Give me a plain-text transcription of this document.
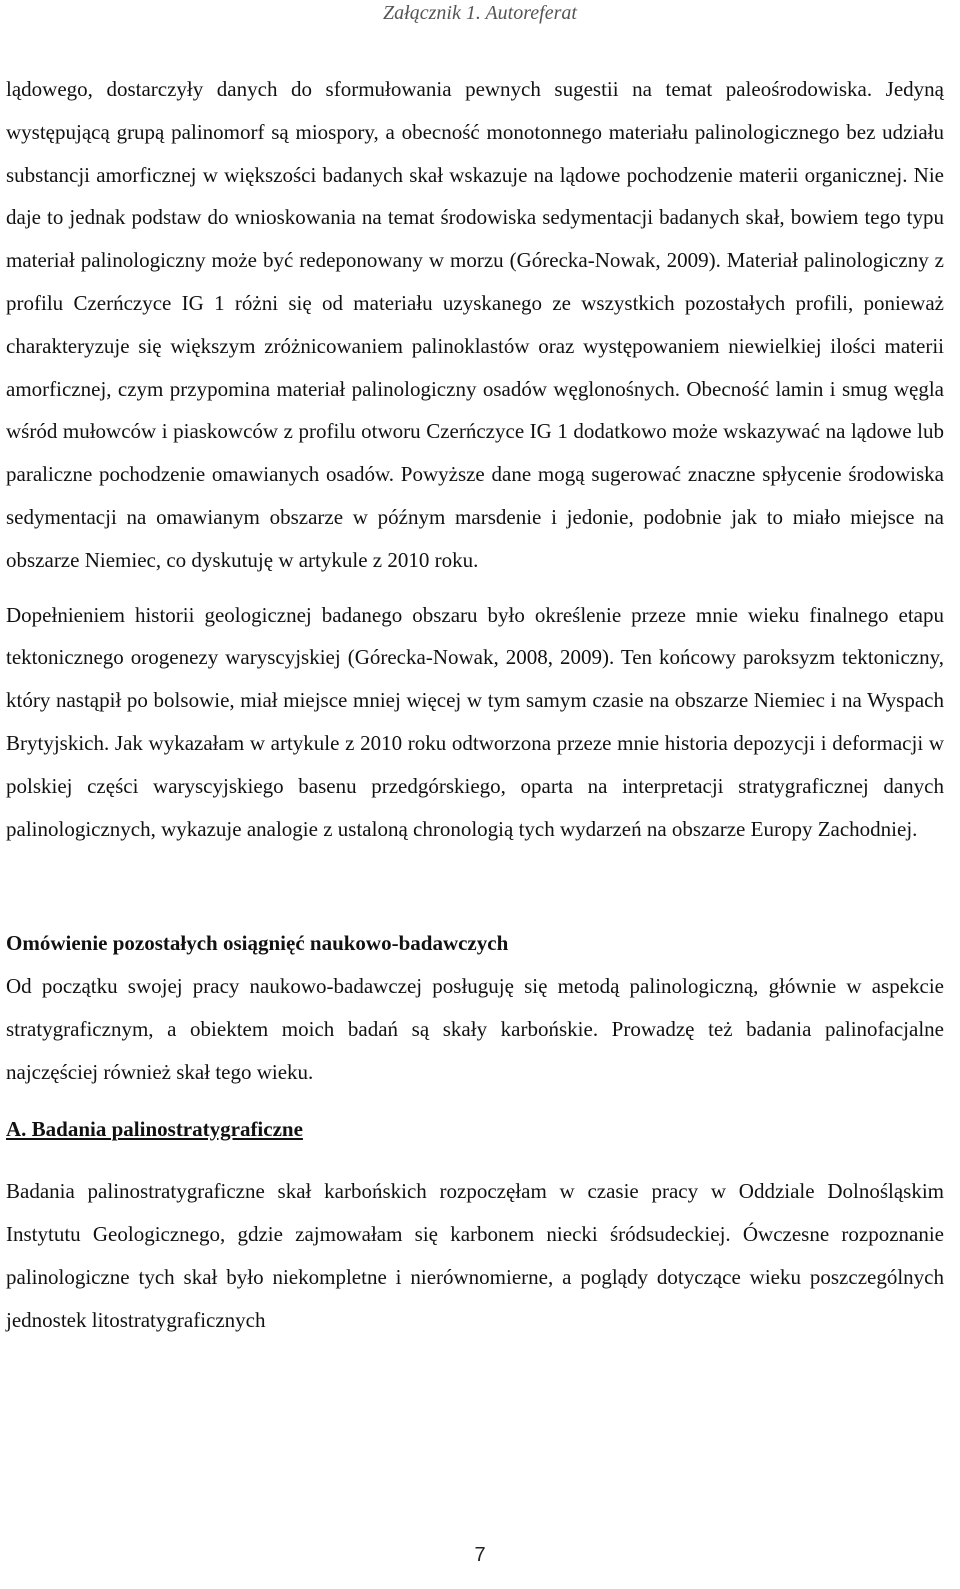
Załącznik 1. Autoreferat

lądowego, dostarczyły danych do sformułowania pewnych sugestii na temat paleośrodowiska. Jedyną występującą grupą palinomorf są miospory, a obecność monotonnego materiału palinologicznego bez udziału substancji amorficznej w większości badanych skał wskazuje na lądowe pochodzenie materii organicznej. Nie daje to jednak podstaw do wnioskowania na temat środowiska sedymentacji badanych skał, bowiem tego typu materiał palinologiczny może być redeponowany w morzu (Górecka-Nowak, 2009). Materiał palinologiczny z profilu Czerńczyce IG 1 różni się od materiału uzyskanego ze wszystkich pozostałych profili, ponieważ charakteryzuje się większym zróżnicowaniem palinoklastów oraz występowaniem niewielkiej ilości materii amorficznej, czym przypomina materiał palinologiczny osadów węglonośnych. Obecność lamin i smug węgla wśród mułowców i piaskowców z profilu otworu Czerńczyce IG 1 dodatkowo może wskazywać na lądowe lub paraliczne pochodzenie omawianych osadów. Powyższe dane mogą sugerować znaczne spłycenie środowiska sedymentacji na omawianym obszarze w późnym marsdenie i jedonie, podobnie jak to miało miejsce na obszarze Niemiec, co dyskutuję w artykule z 2010 roku.

Dopełnieniem historii geologicznej badanego obszaru było określenie przeze mnie wieku finalnego etapu tektonicznego orogenezy waryscyjskiej (Górecka-Nowak, 2008, 2009). Ten końcowy paroksyzm tektoniczny, który nastąpił po bolsowie, miał miejsce mniej więcej w tym samym czasie na obszarze Niemiec i na Wyspach Brytyjskich. Jak wykazałam w artykule z 2010 roku odtworzona przeze mnie historia depozycji i deformacji w polskiej części waryscyjskiego basenu przedgórskiego, oparta na interpretacji stratygraficznej danych palinologicznych, wykazuje analogie z ustaloną chronologią tych wydarzeń na obszarze Europy Zachodniej.

Omówienie pozostałych osiągnięć naukowo-badawczych

Od początku swojej pracy naukowo-badawczej posługuję się metodą palinologiczną, głównie w aspekcie stratygraficznym, a obiektem moich badań są skały karbońskie. Prowadzę też badania palinofacjalne najczęściej również skał tego wieku.

A. Badania palinostratygraficzne

Badania palinostratygraficzne skał karbońskich rozpoczęłam w czasie pracy w Oddziale Dolnośląskim Instytutu Geologicznego, gdzie zajmowałam się karbonem niecki śródsudeckiej. Ówczesne rozpoznanie palinologiczne tych skał było niekompletne i nierównomierne, a poglądy dotyczące wieku poszczególnych jednostek litostratygraficznych

7
